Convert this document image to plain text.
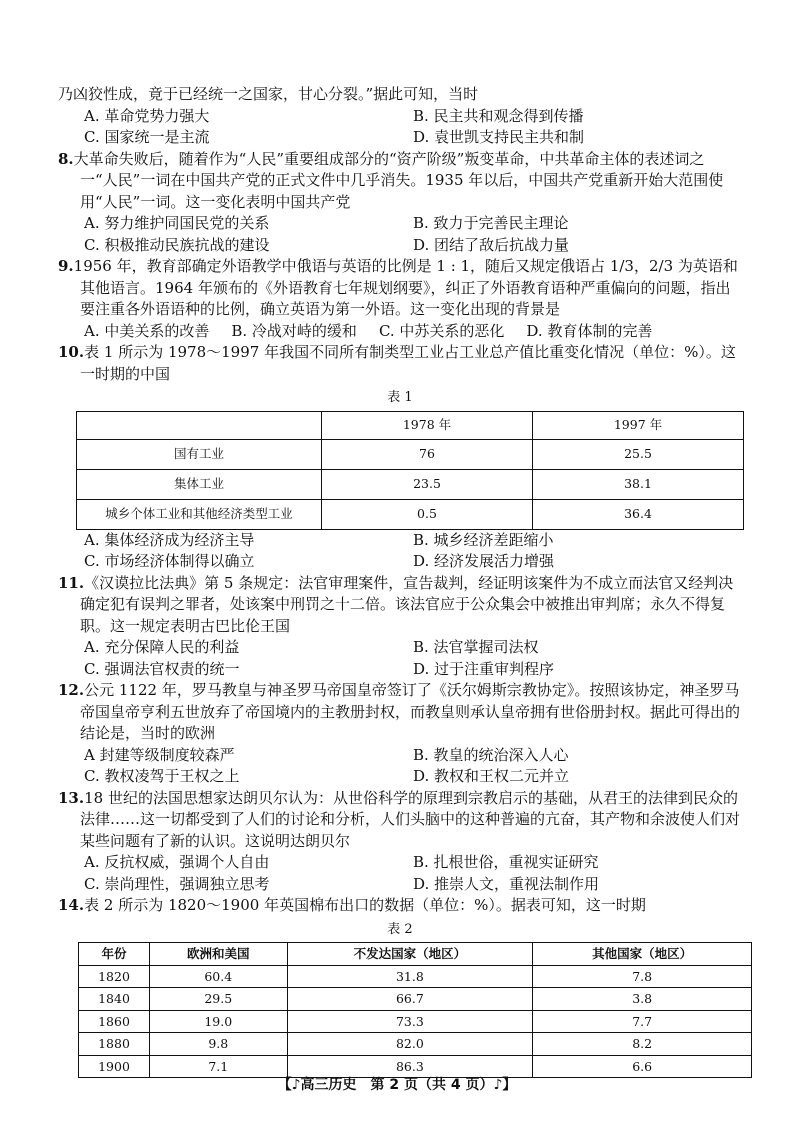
乃凶狡性成，竟于已经统一之国家，甘心分裂。”据此可知，当时

A. 革命党势力强大	B. 民主共和观念得到传播
C. 国家统一是主流	D. 袁世凯支持民主共和制

8.大革命失败后，随着作为“人民”重要组成部分的“资产阶级”叛变革命，中共革命主体的表述词之一“人民”一词在中国共产党的正式文件中几乎消失。1935 年以后，中国共产党重新开始大范围使用“人民”一词。这一变化表明中国共产党

A. 努力维护同国民党的关系	B. 致力于完善民主理论
C. 积极推动民族抗战的建设	D. 团结了敌后抗战力量

9.1956 年，教育部确定外语教学中俄语与英语的比例是 1 : 1，随后又规定俄语占 1/3，2/3 为英语和其他语言。1964 年颁布的《外语教育七年规划纲要》，纠正了外语教育语种严重偏向的问题，指出要注重各外语语种的比例，确立英语为第一外语。这一变化出现的背景是

A. 中美关系的改善 B. 冷战对峙的缓和 C. 中苏关系的恶化 D. 教育体制的完善

10.表 1 所示为 1978～1997 年我国不同所有制类型工业占工业总产值比重变化情况（单位：%）。这一时期的中国

表 1
	1978 年	1997 年
国有工业	76	25.5
集体工业	23.5	38.1
城乡个体工业和其他经济类型工业	0.5	36.4
A. 集体经济成为经济主导	B. 城乡经济差距缩小
C. 市场经济体制得以确立	D. 经济发展活力增强

11.《汉谟拉比法典》第 5 条规定：法官审理案件，宣告裁判，经证明该案件为不成立而法官又经判决确定犯有误判之罪者，处该案中刑罚之十二倍。该法官应于公众集会中被推出审判席；永久不得复职。这一规定表明古巴比伦王国

A. 充分保障人民的利益	B. 法官掌握司法权
C. 强调法官权责的统一	D. 过于注重审判程序

12.公元 1122 年，罗马教皇与神圣罗马帝国皇帝签订了《沃尔姆斯宗教协定》。按照该协定，神圣罗马帝国皇帝亨利五世放弃了帝国境内的主教册封权，而教皇则承认皇帝拥有世俗册封权。据此可得出的结论是，当时的欧洲

A 封建等级制度较森严	B. 教皇的统治深入人心
C. 教权凌驾于王权之上	D. 教权和王权二元并立

13.18 世纪的法国思想家达朗贝尔认为：从世俗科学的原理到宗教启示的基础，从君王的法律到民众的法律……这一切都受到了人们的讨论和分析，人们头脑中的这种普遍的亢奋，其产物和余波使人们对某些问题有了新的认识。这说明达朗贝尔

A. 反抗权威，强调个人自由	B. 扎根世俗，重视实证研究
C. 崇尚理性，强调独立思考	D. 推崇人文，重视法制作用

14.表 2 所示为 1820～1900 年英国棉布出口的数据（单位：%）。据表可知，这一时期

表 2
年份	欧洲和美国	不发达国家（地区）	其他国家（地区）
1820	60.4	31.8	7.8
1840	29.5	66.7	3.8
1860	19.0	73.3	7.7
1880	9.8	82.0	8.2
1900	7.1	86.3	6.6
【♪高三历史　第 2 页（共 4 页）♪】
